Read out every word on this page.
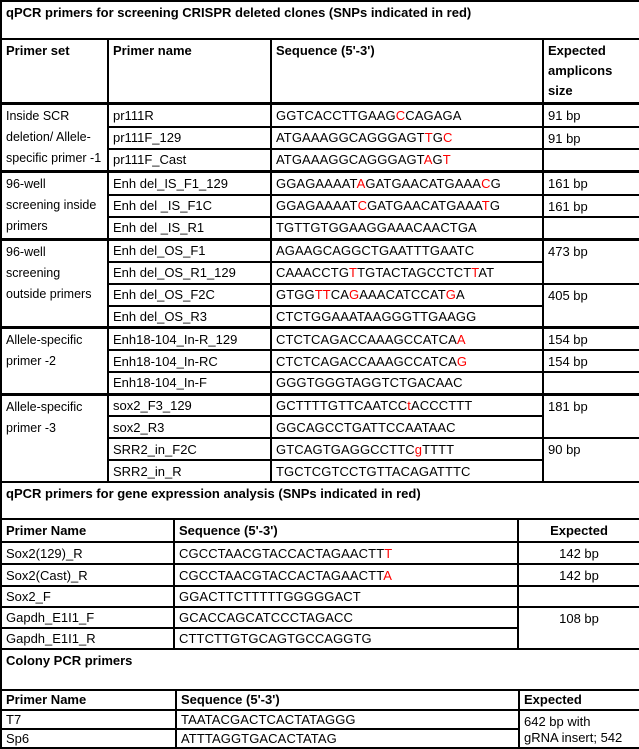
qPCR primers for screening CRISPR deleted clones (SNPs indicated in red)			
Primer set	Primer name	Sequence (5'-3')	Expected amplicons size
Inside SCR deletion/ Allele-specific primer -1	pr111R	GGTCACCTTGAAGCCAGAGA	91 bp
	pr111F_129	ATGAAAGGCAGGGAGTTGC	91 bp
	pr111F_Cast	ATGAAAGGCAGGGAGTAGT	
96-well screening inside primers	Enh del_IS_F1_129	GGAGAAAATAGATGAACATGAAACG	161 bp
	Enh del _IS_F1C	GGAGAAAATCGATGAACATGAAATG	161 bp
	Enh del _IS_R1	TGTTGTGGAAGGAAACAACTGA	
96-well screening outside primers	Enh del_OS_F1	AGAAGCAGGCTGAATTTGAATC	473 bp
	Enh del_OS_R1_129	CAAACCTGTTGTACTAGCCTCTTAT	
	Enh del_OS_F2C	GTGGTTCAGAAACATCCATGA	405 bp
	Enh del_OS_R3	CTCTGGAAATAAGGGTTGAAGG	
Allele-specific primer -2	Enh18-104_In-R_129	CTCTCAGACCAAAGCCATCAA	154 bp
	Enh18-104_In-RC	CTCTCAGACCAAAGCCATCAG	154 bp
	Enh18-104_In-F	GGGTGGGTAGGTCTGACAAC	
Allele-specific primer -3	sox2_F3_129	GCTTTTGTTCAATCCtACCCTTT	181 bp
	sox2_R3	GGCAGCCTGATTCCAATAAC	
	SRR2_in_F2C	GTCAGTGAGGCCTTCgTTTT	90 bp
	SRR2_in_R	TGCTCGTCCTGTTACAGATTTC	
qPCR primers for gene expression analysis (SNPs indicated in red)		
Primer Name	Sequence (5'-3')	Expected
Sox2(129)_R	CGCCTAACGTACCACTAGAACTTT	142 bp
Sox2(Cast)_R	CGCCTAACGTACCACTAGAACTTA	142 bp
Sox2_F	GGACTTCTTTTTGGGGGACT	
Gapdh_E1I1_F	GCACCAGCATCCCTAGACC	108 bp
Gapdh_E1I1_R	CTTCTTGTGCAGTGCCAGGTG	
Colony PCR primers		
Primer Name	Sequence (5'-3')	Expected
T7	TAATACGACTCACTATAGGG	642 bp with
gRNA insert; 542

Sp6	ATTTAGGTGACACTATAG	
